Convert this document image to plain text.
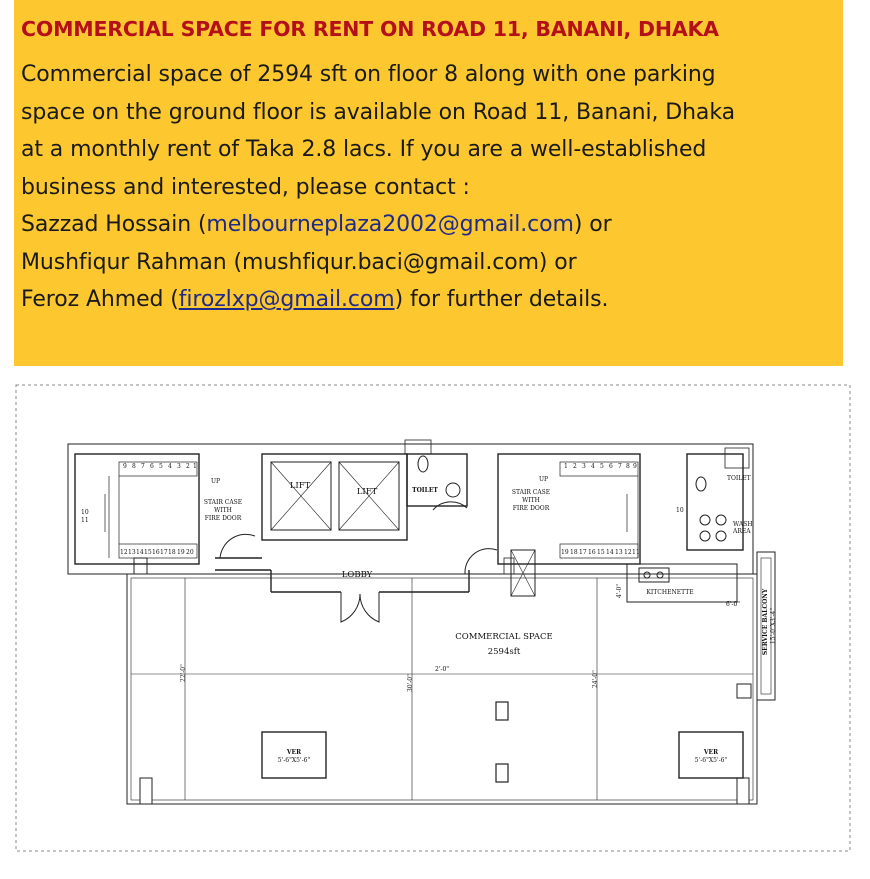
COMMERCIAL SPACE FOR RENT ON ROAD 11, BANANI, DHAKA
Commercial space of 2594 sft on floor 8 along with one parking
space on the ground floor is available on Road 11, Banani, Dhaka
at a monthly rent of Taka 2.8 lacs. If you are a well-established
business and interested, please contact :
Sazzad Hossain (melbourneplaza2002@gmail.com) or
Mushfiqur Rahman (mushfiqur.baci@gmail.com) or
Feroz Ahmed (firozlxp@gmail.com) for further details.
LIFT
LIFT	TOILET
STAIR CASE
WITH
FIRE DOOR
STAIR CASE
WITH
FIRE DOOR
UP	UP
9 8 7 6 5 4 3 2 1
12 13 14 15 16 17 18 19 20
10
11
1 2 3 4 5 6 7 8 9
19 18 17 16 15 14 13 12 11
10
LOBBY
COMMERCIAL SPACE
2594sft
KITCHENETTE
WASH
AREA
TOILET
SERVICE BALCONY 15'-0"X3'-4"
VER
5'-6"X5'-6"
VER
5'-6"X5'-6"
22'-0"
30'-0"	24'-0"
2'-0"
4'-0"
6'-0"
